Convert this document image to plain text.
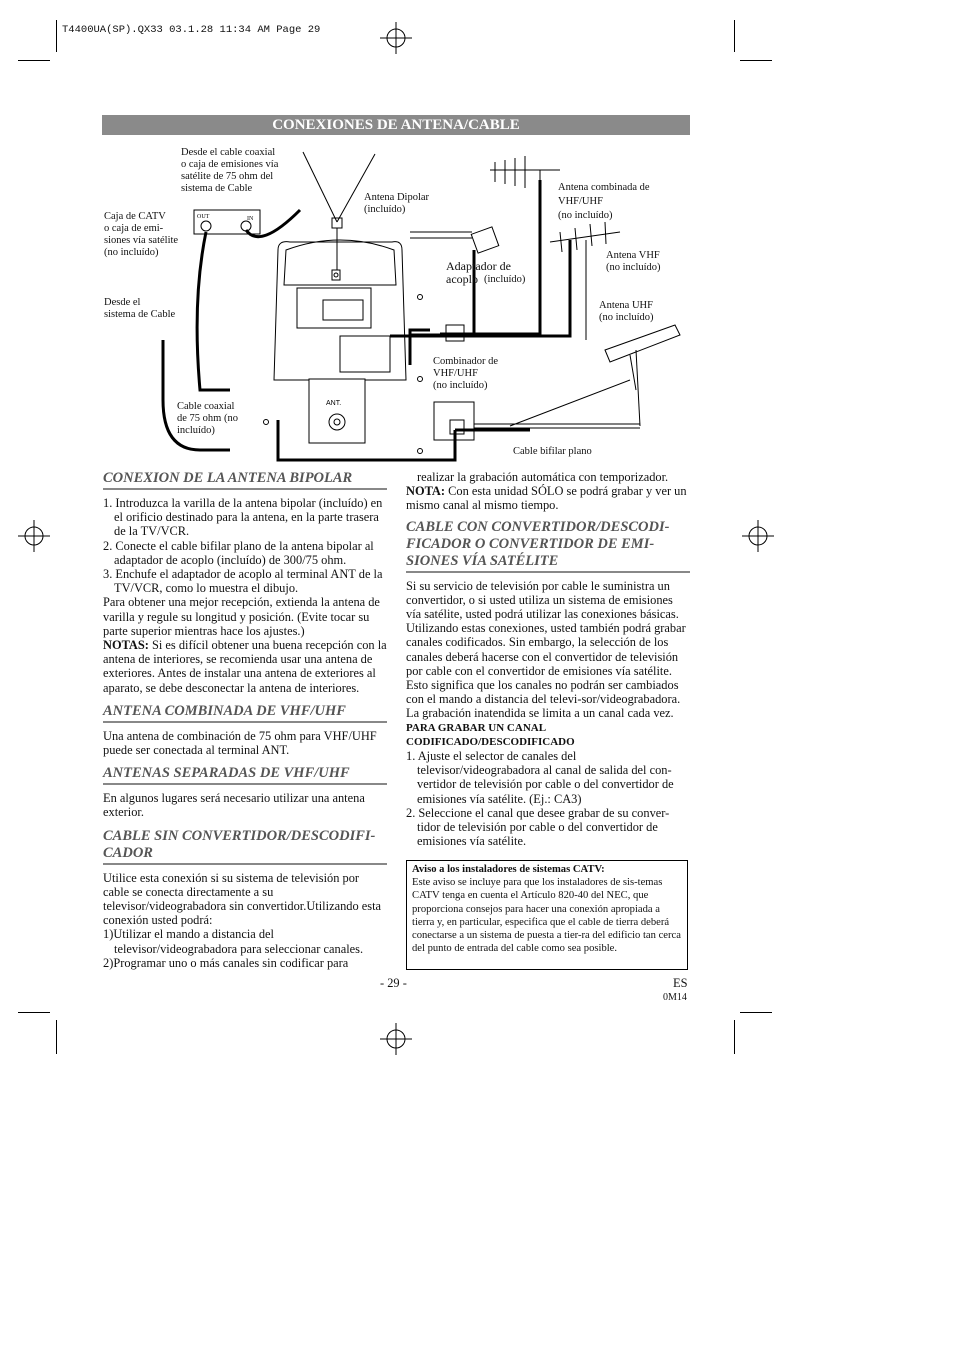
T4400UA(SP).QX33 03.1.28 11:34 AM Page 29
CONEXIONES DE ANTENA/CABLE
OUT	IN
ANT.
Desde el cable coaxial
o caja de emisiones vía
satélite de 75 ohm del
sistema de Cable
Caja de CATV
o caja de emi-
siones vía satélite
(no incluído)
Desde el
sistema de Cable
Cable coaxial
de 75 ohm (no
incluído)
Antena Dipolar
(incluído)
Adaptador de
acoplo (incluído)
Antena combinada de
VHF/UHF
(no incluído)
Antena VHF
(no incluído)
Antena UHF
(no incluído)
Combinador de
VHF/UHF
(no incluído)
Cable bifilar plano
CONEXION DE LA ANTENA BIPOLAR

1. Introduzca la varilla de la antena bipolar (incluído) en el orificio destinado para la antena, en la parte trasera de la TV/VCR.

2. Conecte el cable bifilar plano de la antena bipolar al adaptador de acoplo (incluído) de 300/75 ohm.

3. Enchufe el adaptador de acoplo al terminal ANT de la TV/VCR, como lo muestra el dibujo.

Para obtener una mejor recepción, extienda la antena de varilla y regule su longitud y posición. (Evite tocar su parte superior mientras hace los ajustes.)

NOTAS: Si es difícil obtener una buena recepción con la antena de interiores, se recomienda usar una antena de exteriores. Antes de instalar una antena de exteriores al aparato, se debe desconectar la antena de interiores.

ANTENA COMBINADA DE VHF/UHF

Una antena de combinación de 75 ohm para VHF/UHF puede ser conectada al terminal ANT.

ANTENAS SEPARADAS DE VHF/UHF

En algunos lugares será necesario utilizar una antena exterior.

CABLE SIN CONVERTIDOR/DESCODIFI-CADOR

Utilice esta conexión si su sistema de televisión por cable se conecta directamente a su televisor/videograbadora sin convertidor.Utilizando esta conexión usted podrá:

1)Utilizar el mando a distancia del televisor/videograbadora para seleccionar canales.

2)Programar uno o más canales sin codificar para

realizar la grabación automática con temporizador.

NOTA: Con esta unidad SÓLO se podrá grabar y ver un mismo canal al mismo tiempo.

CABLE CON CONVERTIDOR/DESCODI-FICADOR O CONVERTIDOR DE EMI-SIONES VÍA SATÉLITE

Si su servicio de televisión por cable le suministra un convertidor, o si usted utiliza un sistema de emisiones vía satélite, usted podrá utilizar las conexiones básicas. Utilizando estas conexiones, usted también podrá grabar canales codificados. Sin embargo, la selección de los canales deberá hacerse con el convertidor de televisión por cable con el convertidor de emisiones vía satélite. Esto significa que los canales no podrán ser cambiados con el mando a distancia del televi-sor/videograbadora. La grabación inatendida se limita a un canal cada vez.

PARA GRABAR UN CANAL CODIFICADO/DESCODIFICADO

1. Ajuste el selector de canales del televisor/videograbadora al canal de salida del con-vertidor de televisión por cable o del convertidor de emisiones vía satélite. (Ej.: CA3)

2. Seleccione el canal que desee grabar de su conver-tidor de televisión por cable o del convertidor de emisiones vía satélite.

Aviso a los instaladores de sistemas CATV:
Este aviso se incluye para que los instaladores de sis-temas CATV tenga en cuenta el Artículo 820-40 del NEC, que proporciona consejos para hacer una conexión apropiada a tierra y, en particular, especifica que el cable de tierra deberá conectarse a un sistema de puesta a tier-ra del edificio tan cerca del punto de entrada del cable como sea posible.
- 29 -	ES
0M14
